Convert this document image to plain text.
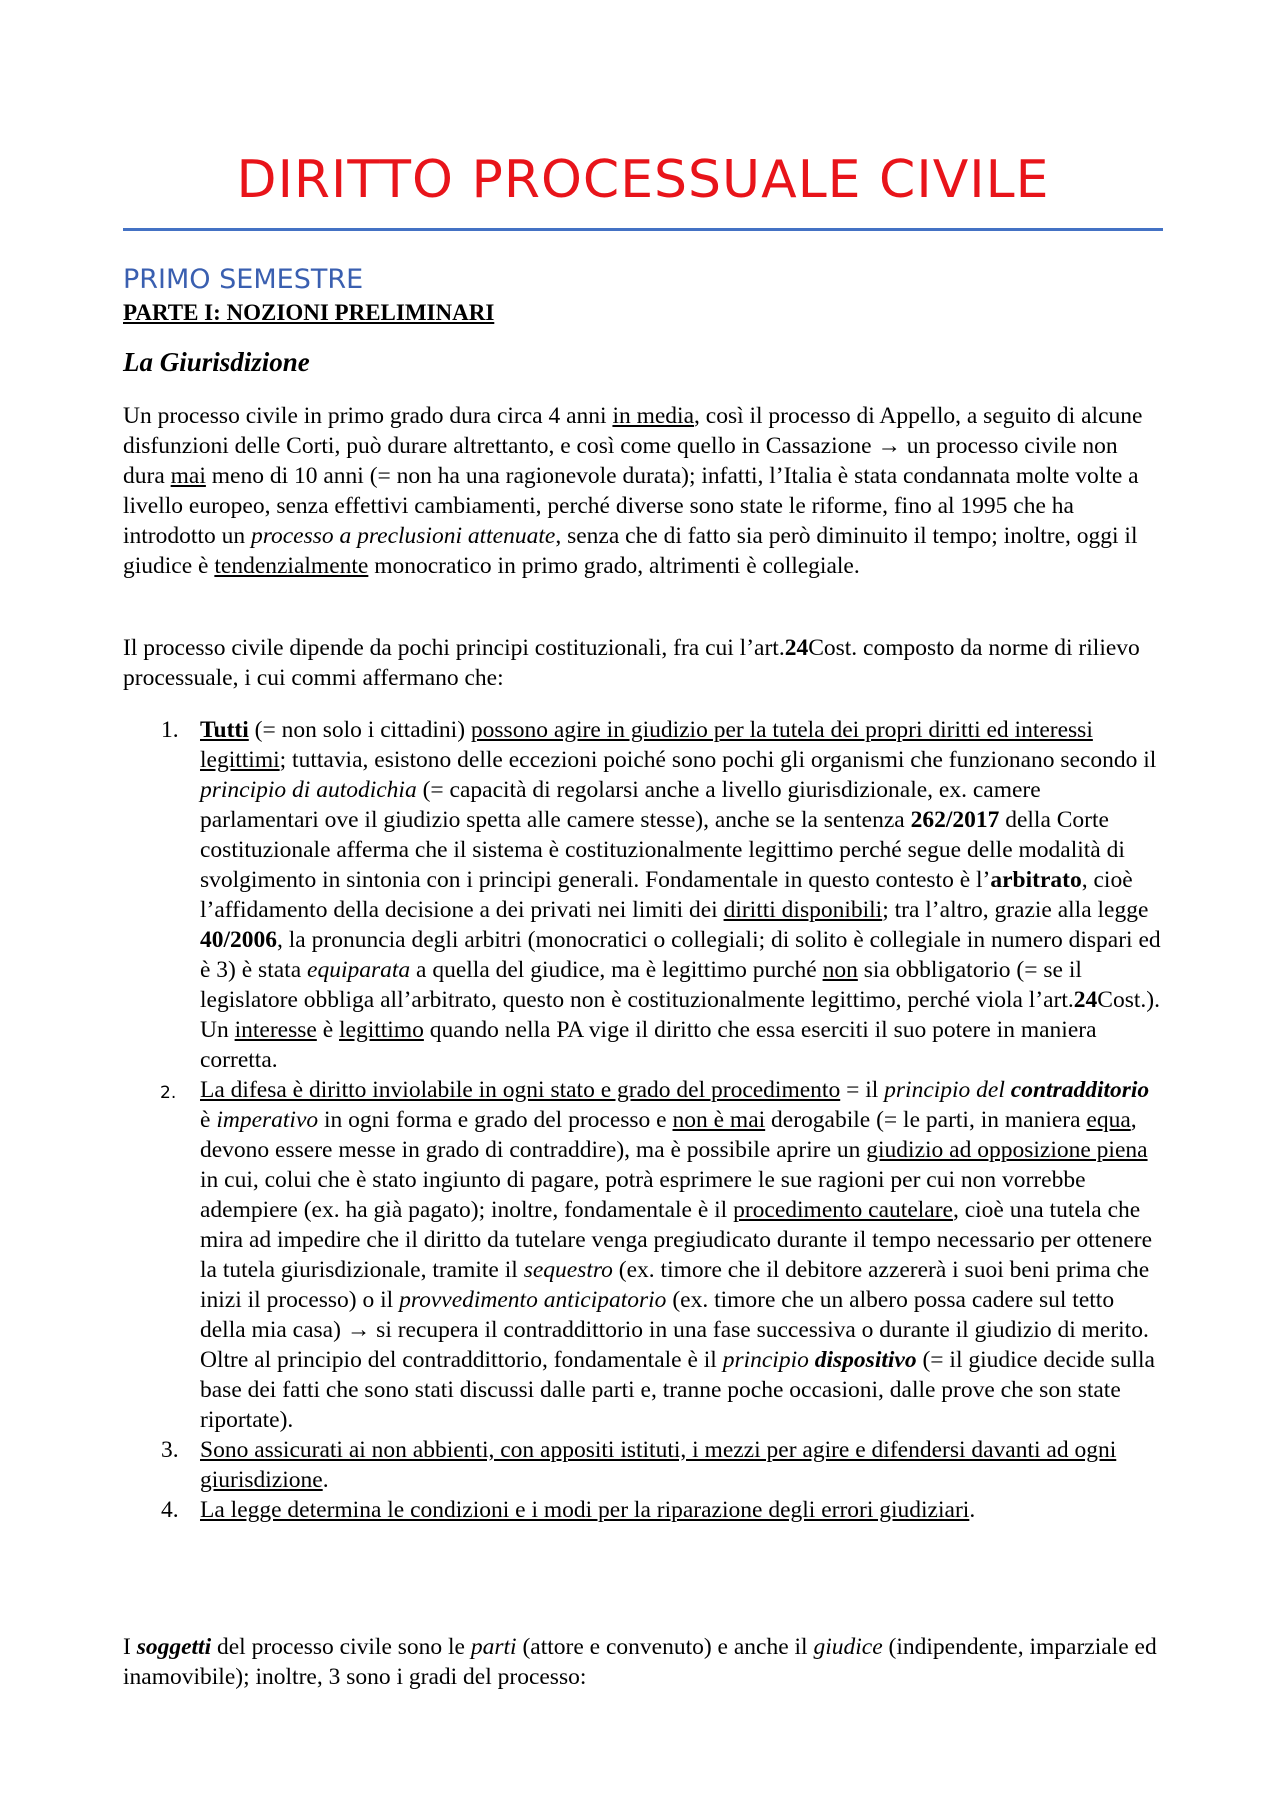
DIRITTO PROCESSUALE CIVILE
PRIMO SEMESTRE
PARTE I: NOZIONI PRELIMINARI
La Giurisdizione

Un processo civile in primo grado dura circa 4 anni in media, così il processo di Appello, a seguito di alcune disfunzioni delle Corti, può durare altrettanto, e così come quello in Cassazione → un processo civile non dura mai meno di 10 anni (= non ha una ragionevole durata); infatti, l’Italia è stata condannata molte volte a livello europeo, senza effettivi cambiamenti, perché diverse sono state le riforme, fino al 1995 che ha introdotto un processo a preclusioni attenuate, senza che di fatto sia però diminuito il tempo; inoltre, oggi il giudice è tendenzialmente monocratico in primo grado, altrimenti è collegiale.

Il processo civile dipende da pochi principi costituzionali, fra cui l’art.24Cost. composto da norme di rilievo processuale, i cui commi affermano che:

1. Tutti (= non solo i cittadini) possono agire in giudizio per la tutela dei propri diritti ed interessi legittimi; tuttavia, esistono delle eccezioni poiché sono pochi gli organismi che funzionano secondo il principio di autodichia (= capacità di regolarsi anche a livello giurisdizionale, ex. camere parlamentari ove il giudizio spetta alle camere stesse), anche se la sentenza 262/2017 della Corte costituzionale afferma che il sistema è costituzionalmente legittimo perché segue delle modalità di svolgimento in sintonia con i principi generali. Fondamentale in questo contesto è l’arbitrato, cioè l’affidamento della decisione a dei privati nei limiti dei diritti disponibili; tra l’altro, grazie alla legge 40/2006, la pronuncia degli arbitri (monocratici o collegiali; di solito è collegiale in numero dispari ed è 3) è stata equiparata a quella del giudice, ma è legittimo purché non sia obbligatorio (= se il legislatore obbliga all’arbitrato, questo non è costituzionalmente legittimo, perché viola l’art.24Cost.).
Un interesse è legittimo quando nella PA vige il diritto che essa eserciti il suo potere in maniera corretta.
2. La difesa è diritto inviolabile in ogni stato e grado del procedimento = il principio del contradditorio è imperativo in ogni forma e grado del processo e non è mai derogabile (= le parti, in maniera equa, devono essere messe in grado di contraddire), ma è possibile aprire un giudizio ad opposizione piena in cui, colui che è stato ingiunto di pagare, potrà esprimere le sue ragioni per cui non vorrebbe adempiere (ex. ha già pagato); inoltre, fondamentale è il procedimento cautelare, cioè una tutela che mira ad impedire che il diritto da tutelare venga pregiudicato durante il tempo necessario per ottenere la tutela giurisdizionale, tramite il sequestro (ex. timore che il debitore azzererà i suoi beni prima che inizi il processo) o il provvedimento anticipatorio (ex. timore che un albero possa cadere sul tetto della mia casa) → si recupera il contraddittorio in una fase successiva o durante il giudizio di merito.
Oltre al principio del contraddittorio, fondamentale è il principio dispositivo (= il giudice decide sulla base dei fatti che sono stati discussi dalle parti e, tranne poche occasioni, dalle prove che son state riportate).
3. Sono assicurati ai non abbienti, con appositi istituti, i mezzi per agire e difendersi davanti ad ogni giurisdizione.
4. La legge determina le condizioni e i modi per la riparazione degli errori giudiziari.

I soggetti del processo civile sono le parti (attore e convenuto) e anche il giudice (indipendente, imparziale ed inamovibile); inoltre, 3 sono i gradi del processo:
